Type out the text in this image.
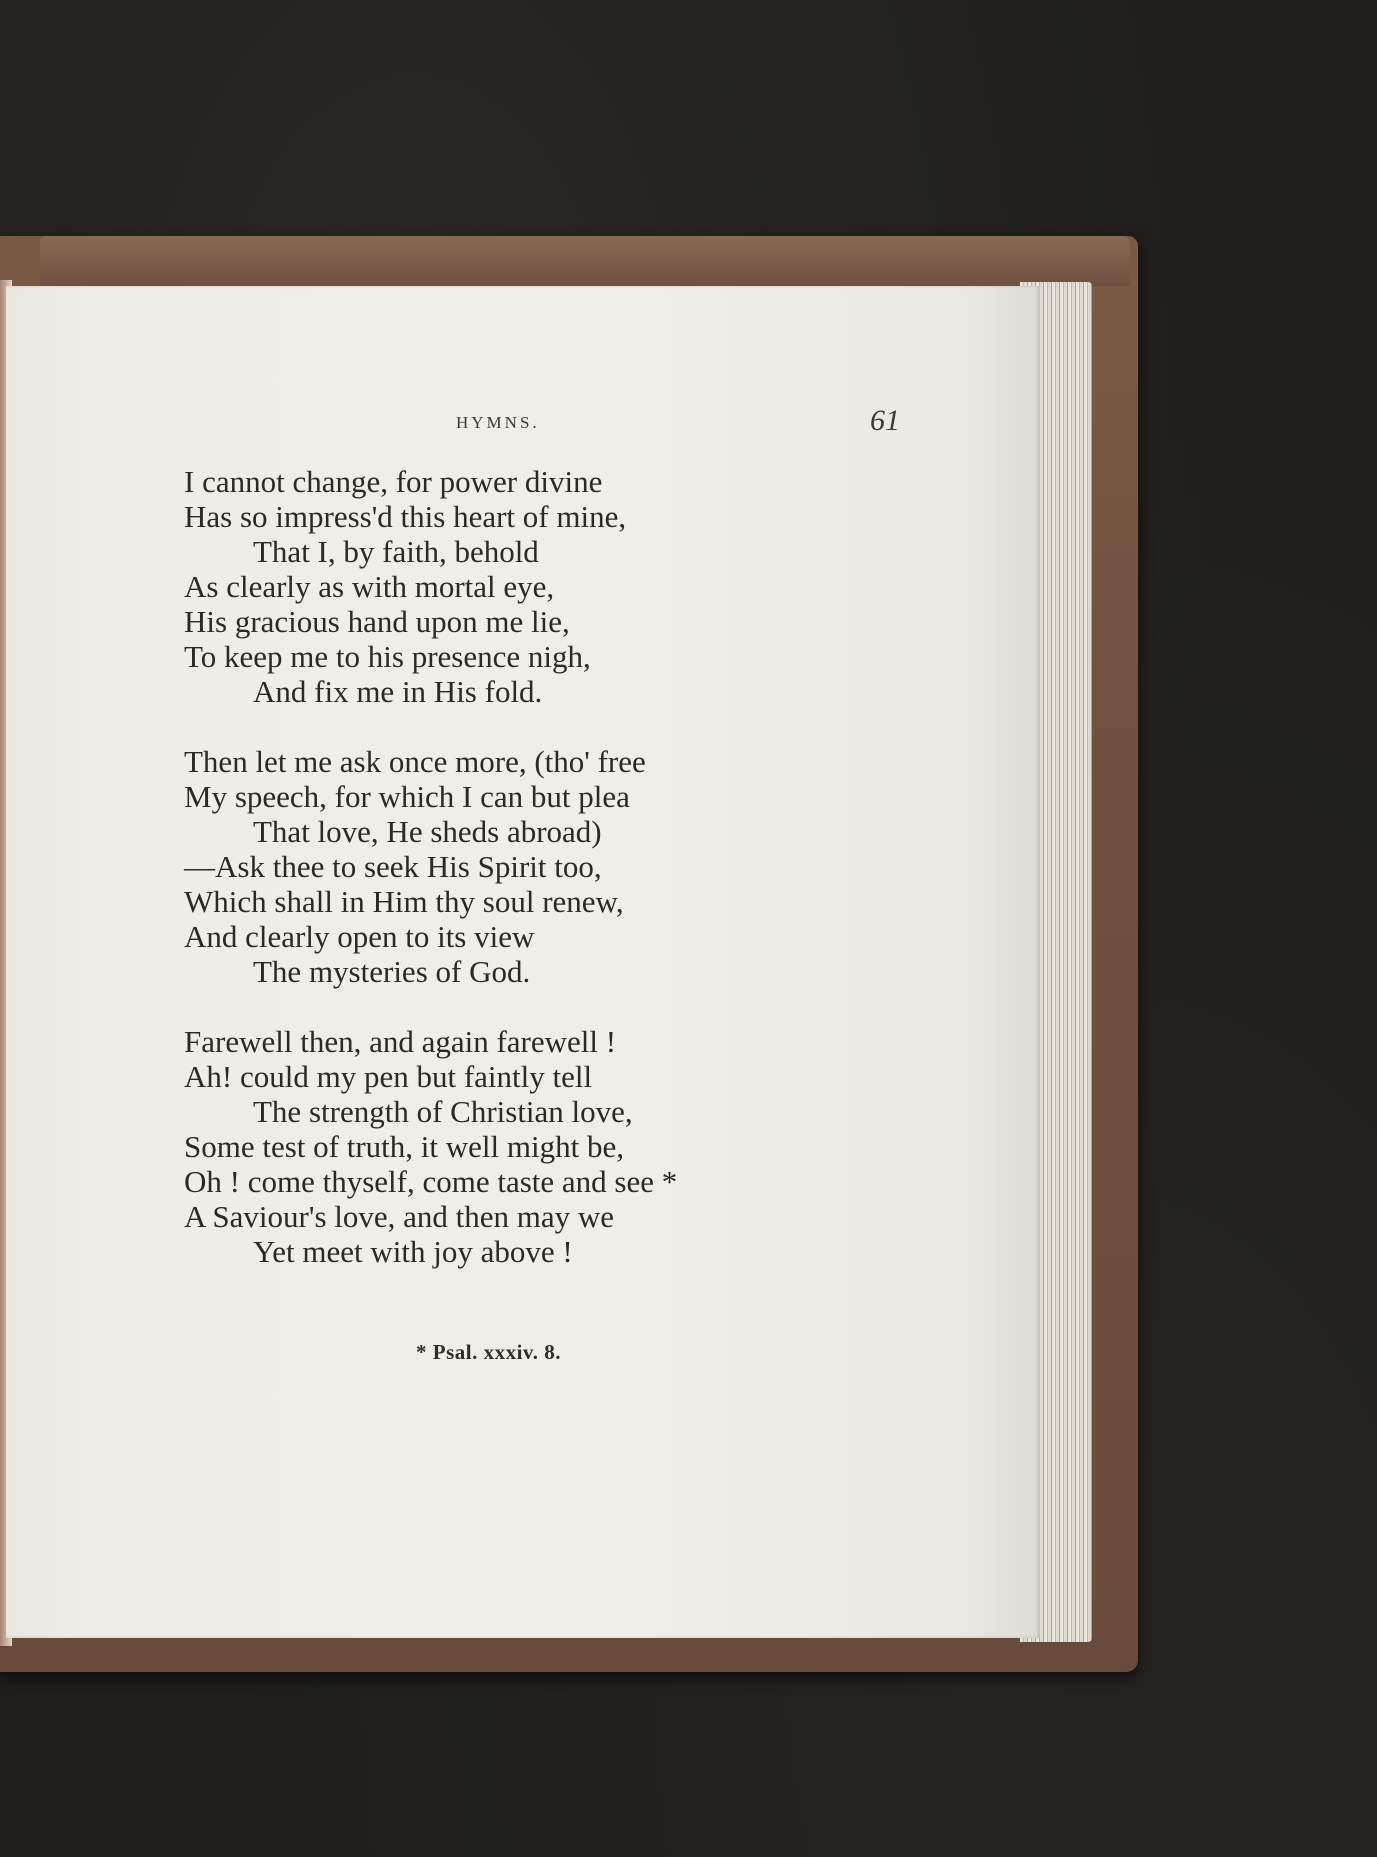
HYMNS.	61
I cannot change, for power divine
Has so impress'd this heart of mine,
That I, by faith, behold
As clearly as with mortal eye,
His gracious hand upon me lie,
To keep me to his presence nigh,
And fix me in His fold.
Then let me ask once more, (tho' free
My speech, for which I can but plea
That love, He sheds abroad)
—Ask thee to seek His Spirit too,
Which shall in Him thy soul renew,
And clearly open to its view
The mysteries of God.
Farewell then, and again farewell !
Ah! could my pen but faintly tell
The strength of Christian love,
Some test of truth, it well might be,
Oh ! come thyself, come taste and see *
A Saviour's love, and then may we
Yet meet with joy above !
* Psal. xxxiv. 8.
